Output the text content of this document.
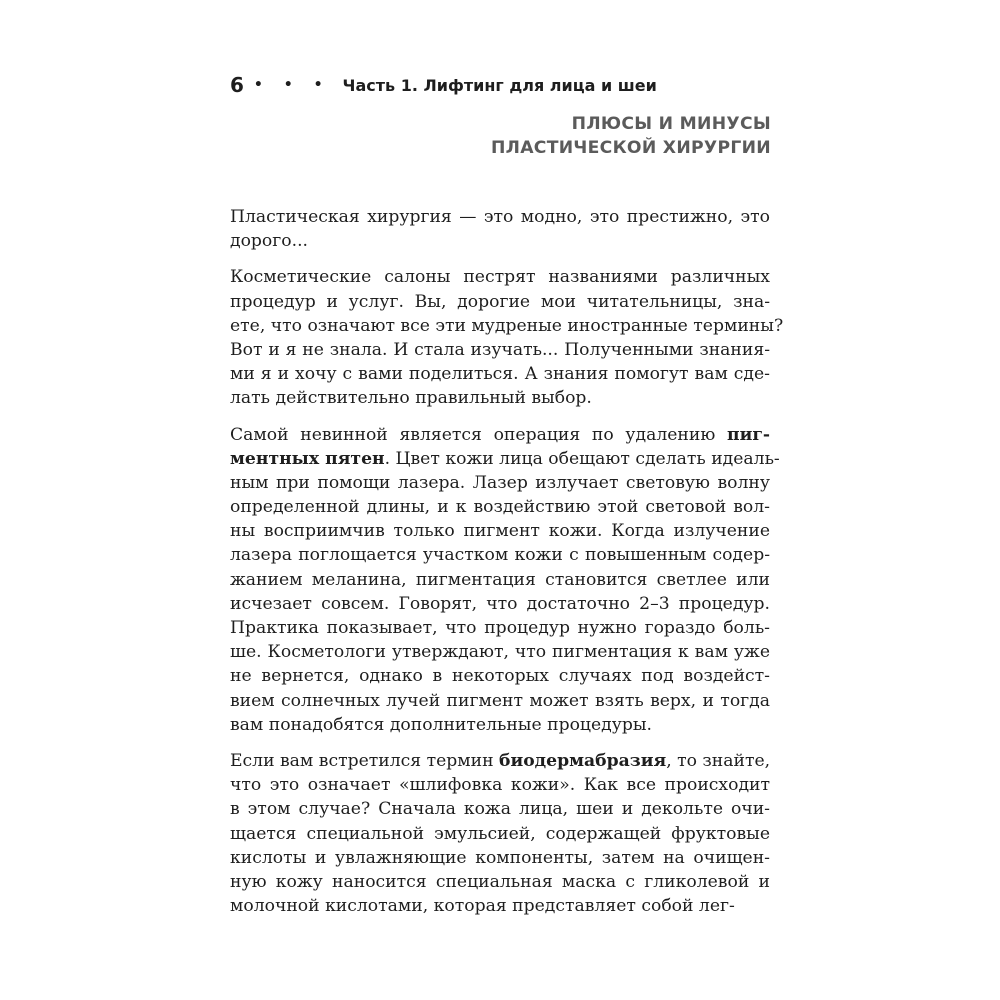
6 • • • Часть 1. Лифтинг для лица и шеи
ПЛЮСЫ И МИНУСЫ
ПЛАСТИЧЕСКОЙ ХИРУРГИИ
Пластическая хирургия — это модно, это престижно, это
дорого...
Косметические салоны пестрят названиями различных
процедур и услуг. Вы, дорогие мои читательницы, зна-
ете, что означают все эти мудреные иностранные термины?
Вот и я не знала. И стала изучать... Полученными знания-
ми я и хочу с вами поделиться. А знания помогут вам сде-
лать действительно правильный выбор.
Самой невинной является операция по удалению пиг-
ментных пятен. Цвет кожи лица обещают сделать идеаль-
ным при помощи лазера. Лазер излучает световую волну
определенной длины, и к воздействию этой световой вол-
ны восприимчив только пигмент кожи. Когда излучение
лазера поглощается участком кожи с повышенным содер-
жанием меланина, пигментация становится светлее или
исчезает совсем. Говорят, что достаточно 2–3 процедур.
Практика показывает, что процедур нужно гораздо боль-
ше. Косметологи утверждают, что пигментация к вам уже
не вернется, однако в некоторых случаях под воздейст-
вием солнечных лучей пигмент может взять верх, и тогда
вам понадобятся дополнительные процедуры.
Если вам встретился термин биодермабразия, то знайте,
что это означает «шлифовка кожи». Как все происходит
в этом случае? Сначала кожа лица, шеи и декольте очи-
щается специальной эмульсией, содержащей фруктовые
кислоты и увлажняющие компоненты, затем на очищен-
ную кожу наносится специальная маска с гликолевой и
молочной кислотами, которая представляет собой лег-
